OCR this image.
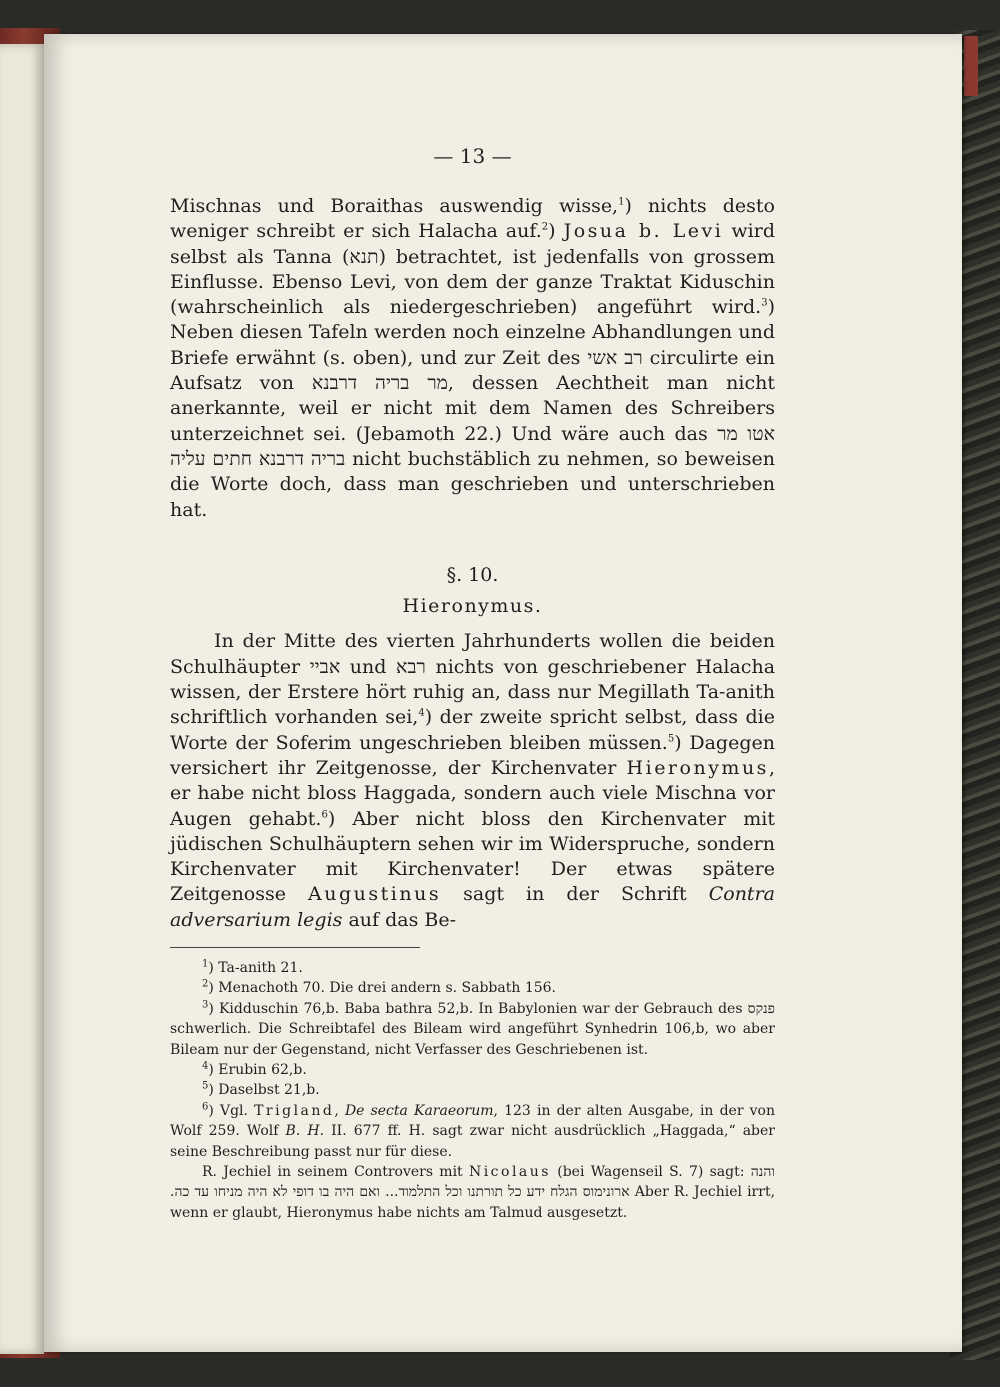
— 13 —

Mischnas und Boraithas auswendig wisse,$^1$) nichts desto weniger schreibt er sich Halacha auf.$^2$) Josua b. Levi wird selbst als Tanna (תנא) betrachtet, ist jedenfalls von grossem Einflusse. Ebenso Levi, von dem der ganze Traktat Kiduschin (wahrscheinlich als niedergeschrieben) angeführt wird.$^3$) Neben diesen Tafeln werden noch einzelne Abhandlungen und Briefe erwähnt (s. oben), und zur Zeit des רב אשי circulirte ein Aufsatz von מר בריה דרבנא, dessen Aechtheit man nicht anerkannte, weil er nicht mit dem Namen des Schreibers unterzeichnet sei. (Jebamoth 22.) Und wäre auch das אטו מר בריה דרבנא חתים עליה nicht buchstäblich zu nehmen, so beweisen die Worte doch, dass man geschrieben und unterschrieben hat.

§. 10.

Hieronymus.

In der Mitte des vierten Jahrhunderts wollen die beiden Schulhäupter אביי und רבא nichts von geschriebener Halacha wissen, der Erstere hört ruhig an, dass nur Megillath Ta-anith schriftlich vorhanden sei,$^4$) der zweite spricht selbst, dass die Worte der Soferim ungeschrieben bleiben müssen.$^5$) Dagegen versichert ihr Zeitgenosse, der Kirchenvater Hieronymus, er habe nicht bloss Haggada, sondern auch viele Mischna vor Augen gehabt.$^6$) Aber nicht bloss den Kirchenvater mit jüdischen Schulhäuptern sehen wir im Widerspruche, sondern Kirchenvater mit Kirchenvater! Der etwas spätere Zeitgenosse Augustinus sagt in der Schrift Contra adversarium legis auf das Be-

$^1$) Ta-anith 21.

$^2$) Menachoth 70. Die drei andern s. Sabbath 156.

$^3$) Kidduschin 76,b. Baba bathra 52,b. In Babylonien war der Gebrauch des פנקס schwerlich. Die Schreibtafel des Bileam wird angeführt Synhedrin 106,b, wo aber Bileam nur der Gegenstand, nicht Verfasser des Geschriebenen ist.

$^4$) Erubin 62,b.

$^5$) Daselbst 21,b.

$^6$) Vgl. Trigland, De secta Karaeorum, 123 in der alten Ausgabe, in der von Wolf 259. Wolf B. H. II. 677 ff. H. sagt zwar nicht ausdrücklich „Haggada,“ aber seine Beschreibung passt nur für diese.

R. Jechiel in seinem Controvers mit Nicolaus (bei Wagenseil S. 7) sagt: והנה ארונימוס הגלח ידע כל תורתנו וכל התלמוד... ואם היה בו דופי לא היה מניחו עד כה. Aber R. Jechiel irrt, wenn er glaubt, Hieronymus habe nichts am Talmud ausgesetzt.
